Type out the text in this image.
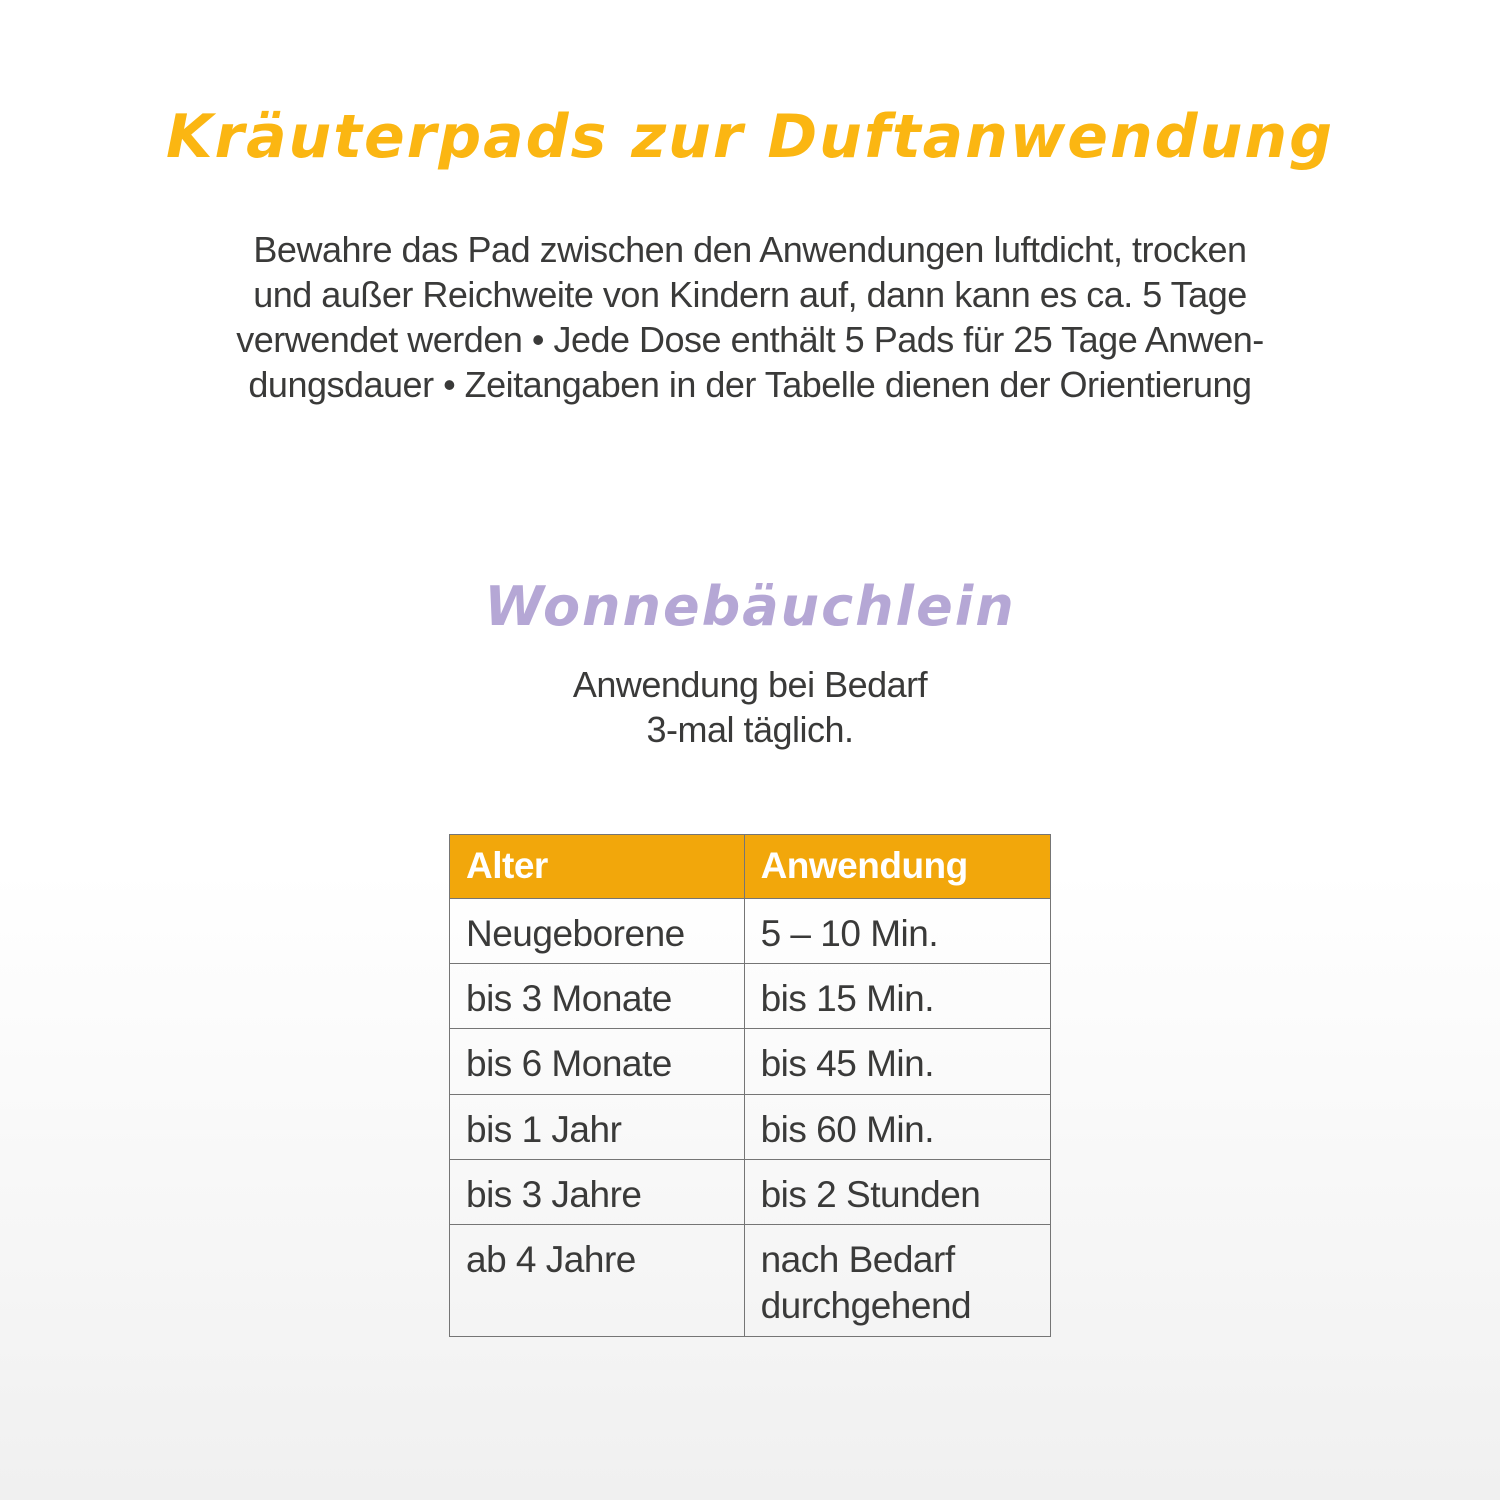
Kräuterpads zur Duftanwendung
Bewahre das Pad zwischen den Anwendungen luftdicht, trocken
und außer Reichweite von Kindern auf, dann kann es ca. 5 Tage
verwendet werden • Jede Dose enthält 5 Pads für 25 Tage Anwen-
dungsdauer • Zeitangaben in der Tabelle dienen der Orientierung
Wonnebäuchlein
Anwendung bei Bedarf
3-mal täglich.
Alter	Anwendung
Neugeborene	5 – 10 Min.
bis 3 Monate	bis 15 Min.
bis 6 Monate	bis 45 Min.
bis 1 Jahr	bis 60 Min.
bis 3 Jahre	bis 2 Stunden
ab 4 Jahre	nach Bedarf durchgehend
